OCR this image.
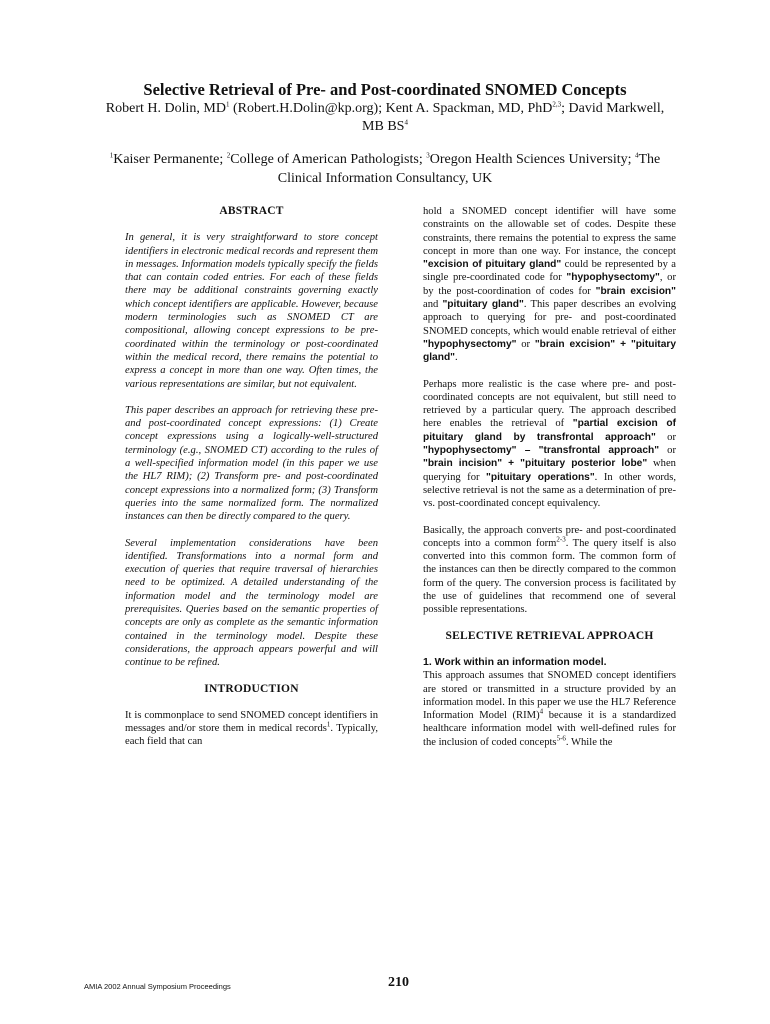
Selective Retrieval of Pre- and Post-coordinated SNOMED Concepts
Robert H. Dolin, $MD^1$ (Robert.H.Dolin@kp.org); Kent A. Spackman, MD, PhD$^{2,3}$; David Markwell, MB $BS^4$
$^1$Kaiser Permanente; $^2$College of American Pathologists; $^3$Oregon Health Sciences University; $^4$The Clinical Information Consultancy, UK
ABSTRACT

In general, it is very straightforward to store concept identifiers in electronic medical records and represent them in messages. Information models typically specify the fields that can contain coded entries. For each of these fields there may be additional constraints governing exactly which concept identifiers are applicable. However, because modern terminologies such as SNOMED CT are compositional, allowing concept expressions to be pre-coordinated within the terminology or post-coordinated within the medical record, there remains the potential to express a concept in more than one way. Often times, the various representations are similar, but not equivalent.

This paper describes an approach for retrieving these pre- and post-coordinated concept expressions: (1) Create concept expressions using a logically-well-structured terminology (e.g., SNOMED CT) according to the rules of a well-specified information model (in this paper we use the HL7 RIM); (2) Transform pre- and post-coordinated concept expressions into a normalized form; (3) Transform queries into the same normalized form. The normalized instances can then be directly compared to the query.

Several implementation considerations have been identified. Transformations into a normal form and execution of queries that require traversal of hierarchies need to be optimized. A detailed understanding of the information model and the terminology model are prerequisites. Queries based on the semantic properties of concepts are only as complete as the semantic information contained in the terminology model. Despite these considerations, the approach appears powerful and will continue to be refined.

INTRODUCTION

It is commonplace to send SNOMED concept identifiers in messages and/or store them in medical records$^1$. Typically, each field that can

hold a SNOMED concept identifier will have some constraints on the allowable set of codes. Despite these constraints, there remains the potential to express the same concept in more than one way. For instance, the concept "excision of pituitary gland" could be represented by a single pre-coordinated code for "hypophysectomy", or by the post-coordination of codes for "brain excision" and "pituitary gland". This paper describes an evolving approach to querying for pre- and post-coordinated SNOMED concepts, which would enable retrieval of either "hypophysectomy" or "brain excision" + "pituitary gland".

Perhaps more realistic is the case where pre- and post-coordinated concepts are not equivalent, but still need to retrieved by a particular query. The approach described here enables the retrieval of "partial excision of pituitary gland by transfrontal approach" or "hypophysectomy" – "transfrontal approach" or "brain incision" + "pituitary posterior lobe" when querying for "pituitary operations". In other words, selective retrieval is not the same as a determination of pre- vs. post-coordinated concept equivalency.

Basically, the approach converts pre- and post-coordinated concepts into a common form$^{2-3}$. The query itself is also converted into this common form. The common form of the instances can then be directly compared to the common form of the query. The conversion process is facilitated by the use of guidelines that recommend one of several possible representations.

SELECTIVE RETRIEVAL APPROACH
1. Work within an information model.

This approach assumes that SNOMED concept identifiers are stored or transmitted in a structure provided by an information model. In this paper we use the HL7 Reference Information Model (RIM)$^4$ because it is a standardized healthcare information model with well-defined rules for the inclusion of coded concepts$^{5-6}$. While the

AMIA 2002 Annual Symposium Proceedings	210
